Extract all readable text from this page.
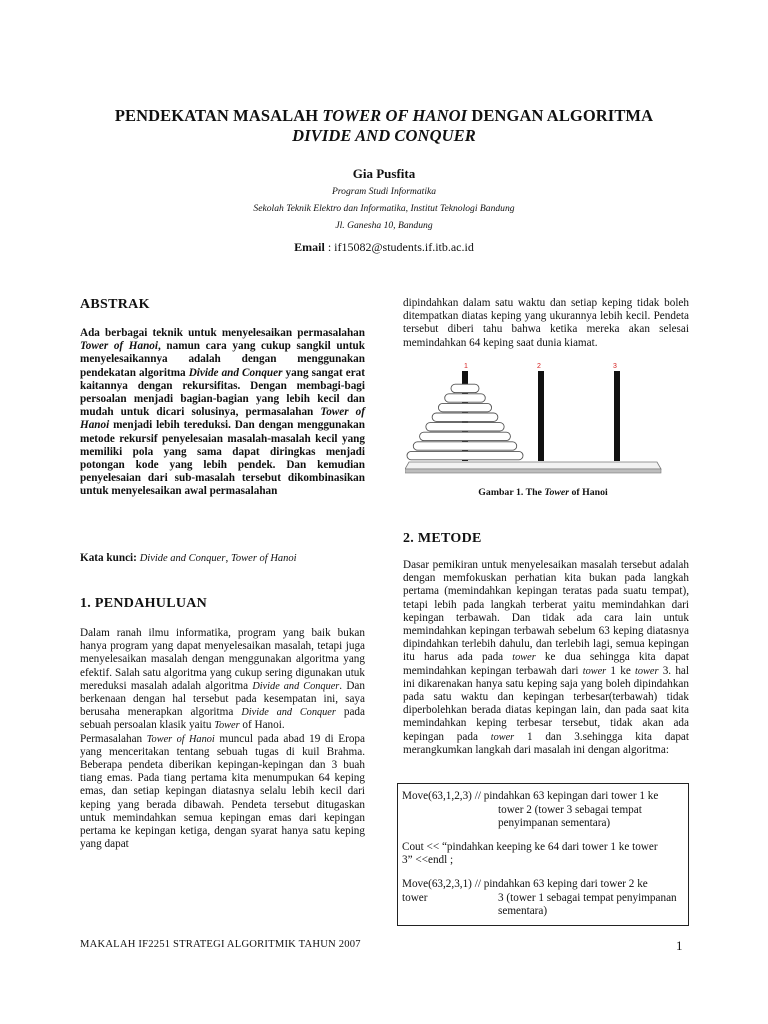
PENDEKATAN MASALAH TOWER OF HANOI DENGAN ALGORITMA
DIVIDE AND CONQUER
Gia Pusfita
Program Studi Informatika
Sekolah Teknik Elektro dan Informatika, Institut Teknologi Bandung
Jl. Ganesha 10, Bandung
Email : if15082@students.if.itb.ac.id
ABSTRAK
Ada berbagai teknik untuk menyelesaikan permasalahan Tower of Hanoi, namun cara yang cukup sangkil untuk menyelesaikannya adalah dengan menggunakan pendekatan algoritma Divide and Conquer yang sangat erat kaitannya dengan rekursifitas. Dengan membagi-bagi persoalan menjadi bagian-bagian yang lebih kecil dan mudah untuk dicari solusinya, permasalahan Tower of Hanoi menjadi lebih tereduksi. Dan dengan menggunakan metode rekursif penyelesaian masalah-masalah kecil yang memiliki pola yang sama dapat diringkas menjadi potongan kode yang lebih pendek. Dan kemudian penyelesaian dari sub-masalah tersebut dikombinasikan untuk menyelesaikan awal permasalahan
Kata kunci: Divide and Conquer, Tower of Hanoi
1. PENDAHULUAN
Dalam ranah ilmu informatika, program yang baik bukan hanya program yang dapat menyelesaikan masalah, tetapi juga menyelesaikan masalah dengan menggunakan algoritma yang efektif. Salah satu algoritma yang cukup sering digunakan utuk mereduksi masalah adalah algoritma Divide and Conquer. Dan berkenaan dengan hal tersebut pada kesempatan ini, saya berusaha menerapkan algoritma Divide and Conquer pada sebuah persoalan klasik yaitu Tower of Hanoi.
Permasalahan Tower of Hanoi muncul pada abad 19 di Eropa yang menceritakan tentang sebuah tugas di kuil Brahma. Beberapa pendeta diberikan kepingan-kepingan dan 3 buah tiang emas. Pada tiang pertama kita menumpukan 64 keping emas, dan setiap kepingan diatasnya selalu lebih kecil dari keping yang berada dibawah. Pendeta tersebut ditugaskan untuk memindahkan semua kepingan emas dari kepingan pertama ke kepingan ketiga, dengan syarat hanya satu keping yang dapat
dipindahkan dalam satu waktu dan setiap keping tidak boleh ditempatkan diatas keping yang ukurannya lebih kecil. Pendeta tersebut diberi tahu bahwa ketika mereka akan selesai memindahkan 64 keping saat dunia kiamat.
1	2	3
Gambar 1. The Tower of Hanoi
2. METODE
Dasar pemikiran untuk menyelesaikan masalah tersebut adalah dengan memfokuskan perhatian kita bukan pada langkah pertama (memindahkan kepingan teratas pada suatu tempat), tetapi lebih pada langkah terberat yaitu memindahkan dari kepingan terbawah. Dan tidak ada cara lain untuk memindahkan kepingan terbawah sebelum 63 keping diatasnya dipindahkan terlebih dahulu, dan terlebih lagi, semua kepingan itu harus ada pada tower ke dua sehingga kita dapat memindahkan kepingan terbawah dari tower 1 ke tower 3. hal ini dikarenakan hanya satu keping saja yang boleh dipindahkan pada satu waktu dan kepingan terbesar(terbawah) tidak diperbolehkan berada diatas kepingan lain, dan pada saat kita memindahkan keping terbesar tersebut, tidak akan ada kepingan pada tower 1 dan 3.sehingga kita dapat merangkumkan langkah dari masalah ini dengan algoritma:

Move(63,1,2,3) // pindahkan 63 kepingan dari tower 1 ke

tower 2 (tower 3 sebagai tempat

penyimpanan sementara)

Cout << “pindahkan keeping ke 64 dari tower 1 ke tower

3” <<endl ;

Move(63,2,3,1) // pindahkan 63 keping dari tower 2 ke

tower	3 (tower 1 sebagai tempat penyimpanan

sementara)

MAKALAH IF2251 STRATEGI ALGORITMIK TAHUN 2007	1
